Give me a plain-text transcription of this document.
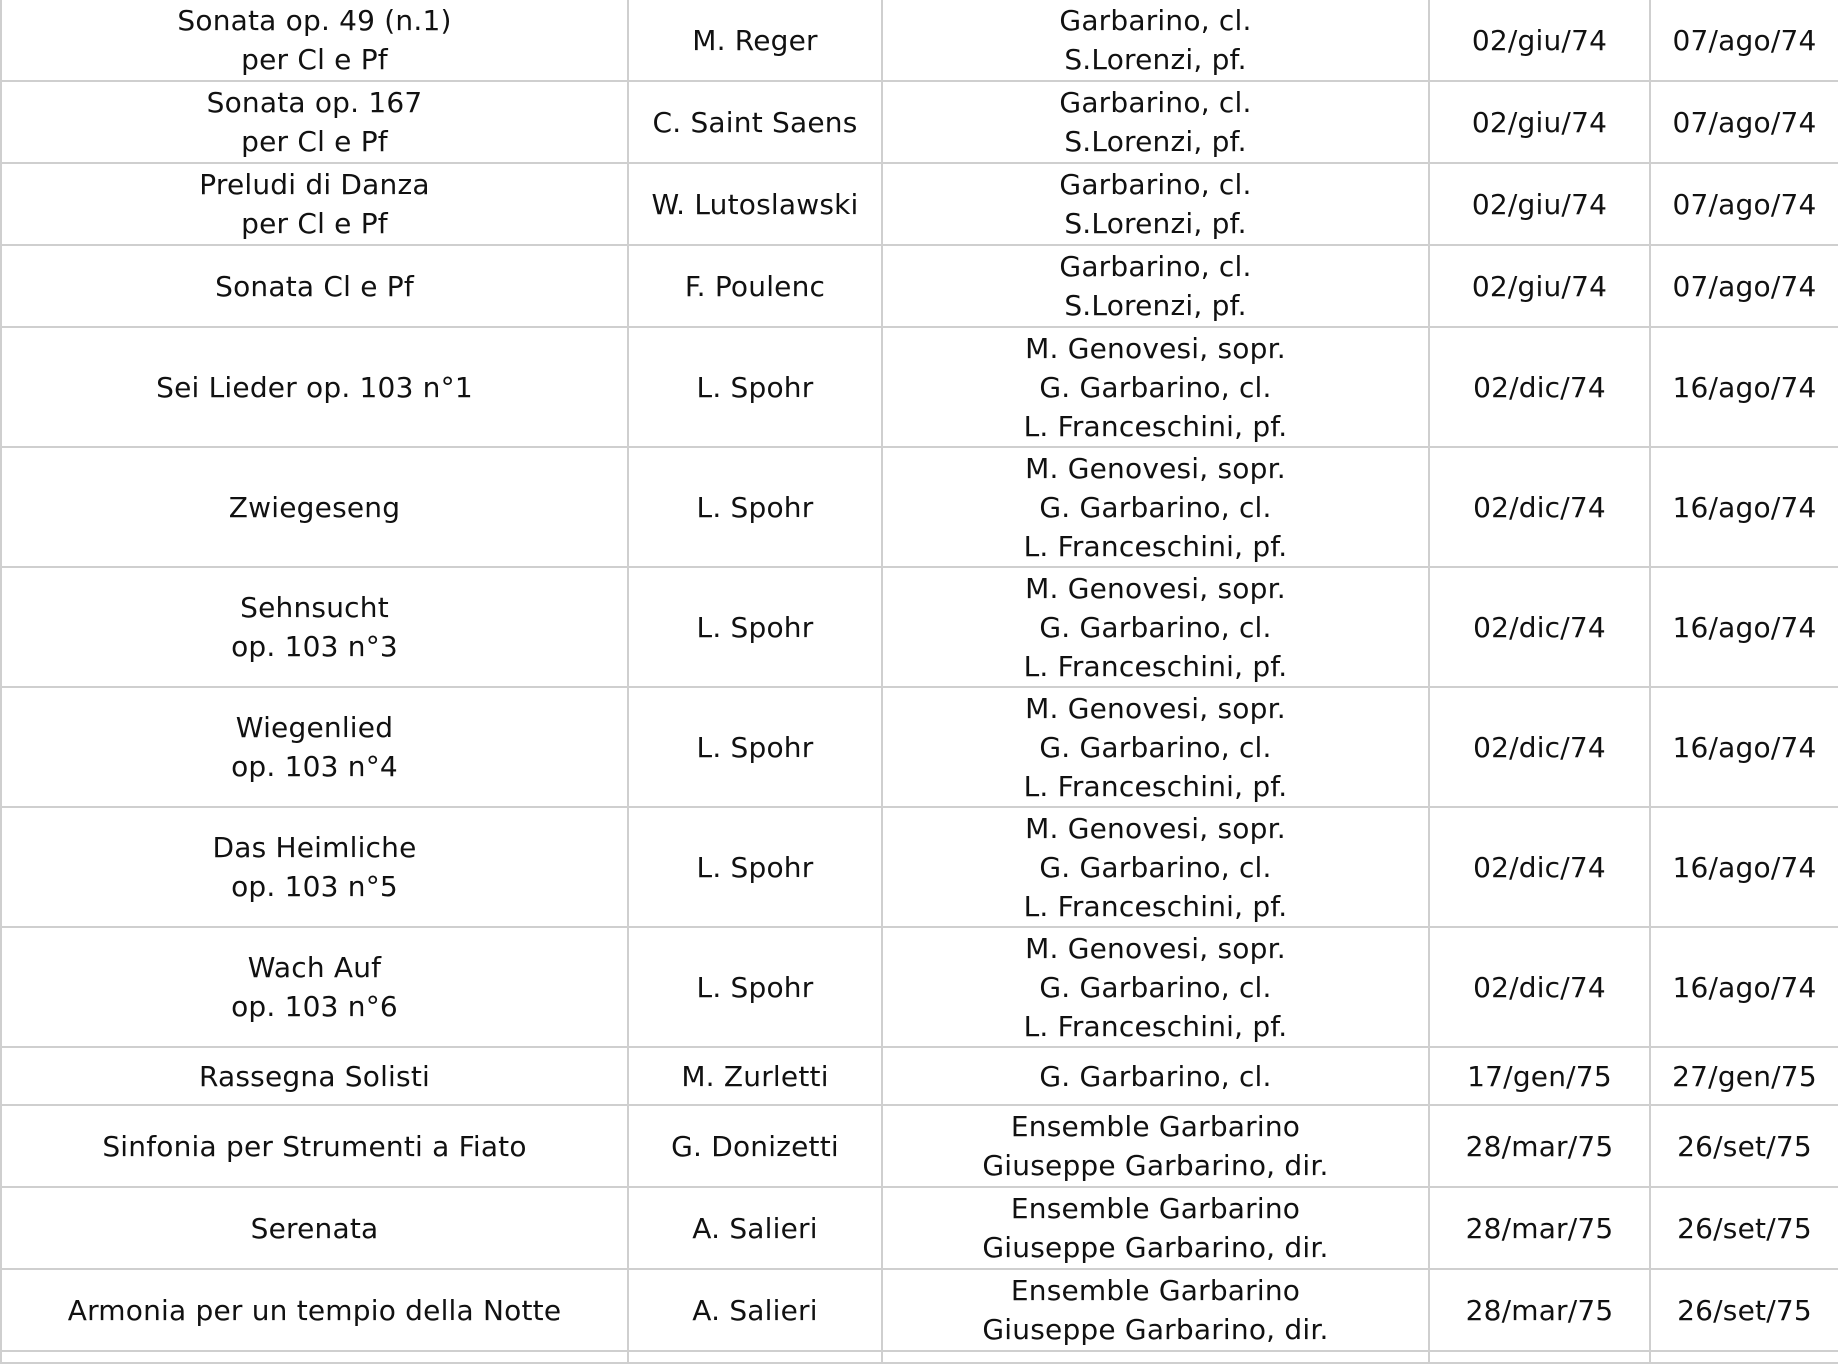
Sonata op. 49 (n.1)
per Cl e Pf	M. Reger	Garbarino, cl.
S.Lorenzi, pf.	02/giu/74	07/ago/74

Sonata op. 167
per Cl e Pf	C. Saint Saens	Garbarino, cl.
S.Lorenzi, pf.	02/giu/74	07/ago/74

Preludi di Danza
per Cl e Pf	W. Lutoslawski	Garbarino, cl.
S.Lorenzi, pf.	02/giu/74	07/ago/74

Sonata Cl e Pf	F. Poulenc	Garbarino, cl.
S.Lorenzi, pf.	02/giu/74	07/ago/74

Sei Lieder op. 103 n°1	L. Spohr	M. Genovesi, sopr.
G. Garbarino, cl.
L. Franceschini, pf.	02/dic/74	16/ago/74

Zwiegeseng	L. Spohr	M. Genovesi, sopr.
G. Garbarino, cl.
L. Franceschini, pf.	02/dic/74	16/ago/74

Sehnsucht
op. 103 n°3	L. Spohr	M. Genovesi, sopr.
G. Garbarino, cl.
L. Franceschini, pf.	02/dic/74	16/ago/74

Wiegenlied
op. 103 n°4	L. Spohr	M. Genovesi, sopr.
G. Garbarino, cl.
L. Franceschini, pf.	02/dic/74	16/ago/74

Das Heimliche
op. 103 n°5	L. Spohr	M. Genovesi, sopr.
G. Garbarino, cl.
L. Franceschini, pf.	02/dic/74	16/ago/74

Wach Auf
op. 103 n°6	L. Spohr	M. Genovesi, sopr.
G. Garbarino, cl.
L. Franceschini, pf.	02/dic/74	16/ago/74

Rassegna Solisti	M. Zurletti	G. Garbarino, cl.	17/gen/75	27/gen/75

Sinfonia per Strumenti a Fiato	G. Donizetti	Ensemble Garbarino
Giuseppe Garbarino, dir.	28/mar/75	26/set/75

Serenata	A. Salieri	Ensemble Garbarino
Giuseppe Garbarino, dir.	28/mar/75	26/set/75

Armonia per un tempio della Notte	A. Salieri	Ensemble Garbarino
Giuseppe Garbarino, dir.	28/mar/75	26/set/75
